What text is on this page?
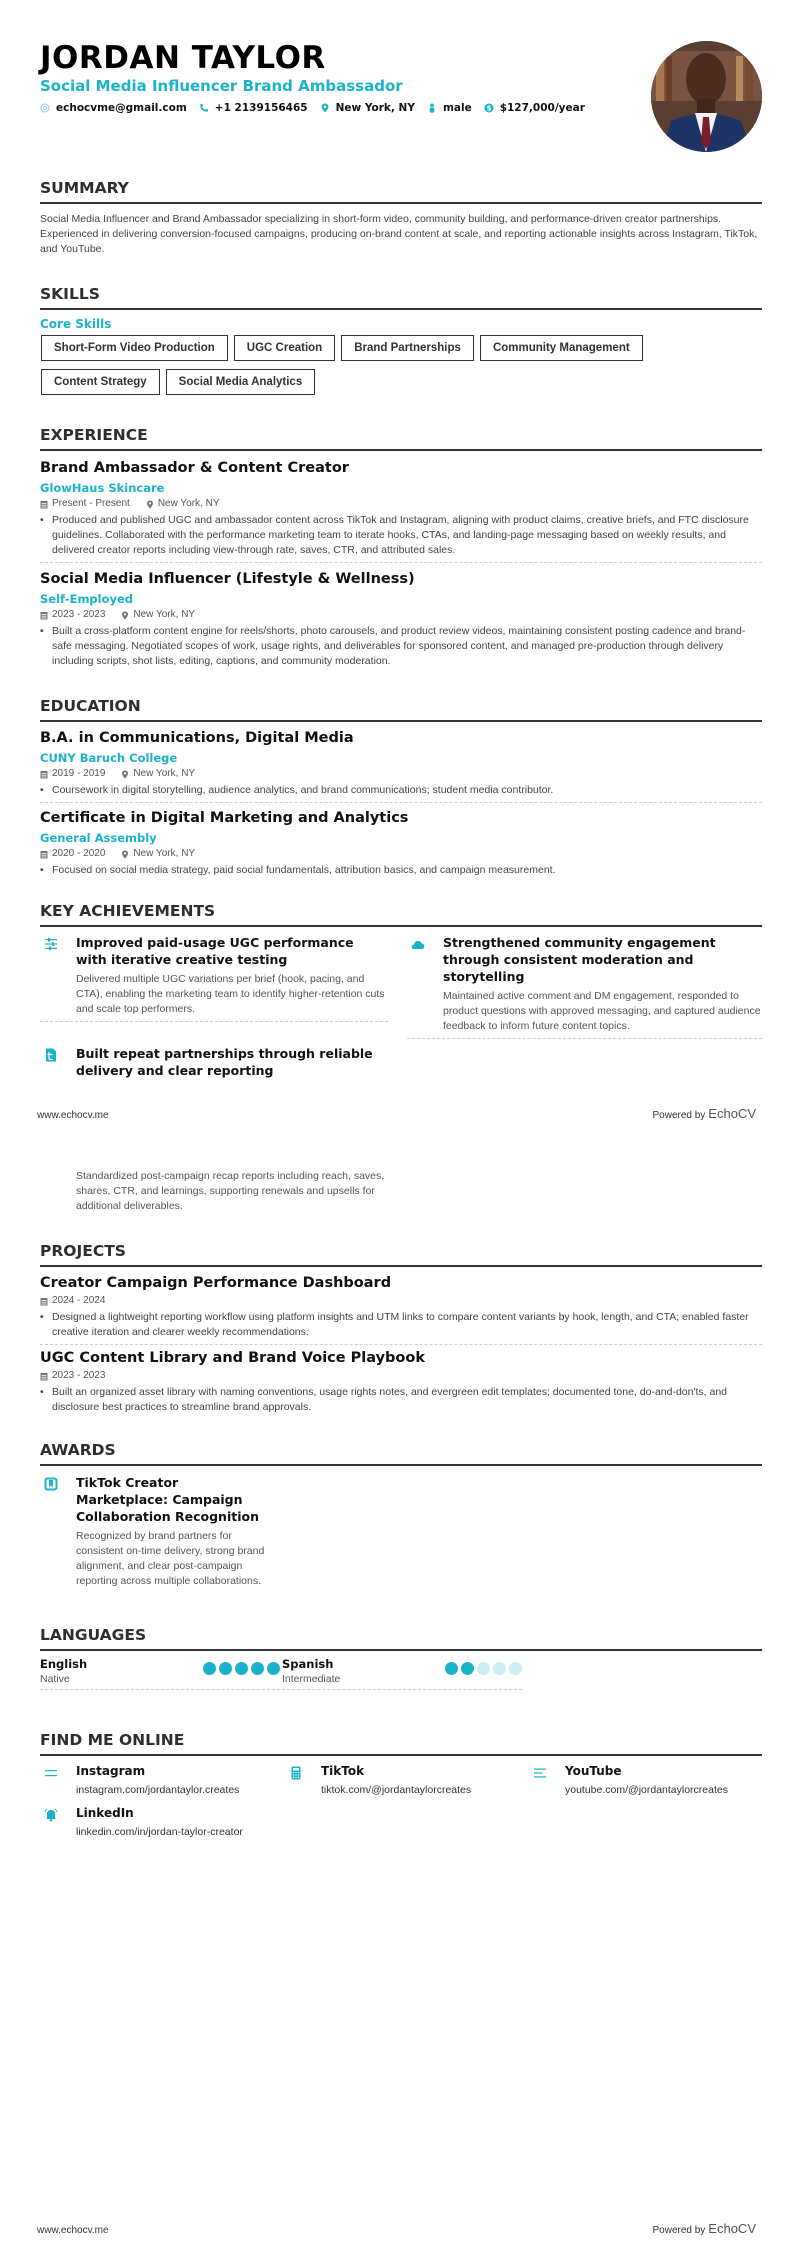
JORDAN TAYLOR
Social Media Influencer Brand Ambassador
echocvme@gmail.com	+1 2139156465	New York, NY	male $ $127,000/year
SUMMARY

Social Media Influencer and Brand Ambassador specializing in short-form video, community building, and performance-driven creator partnerships. Experienced in delivering conversion-focused campaigns, producing on-brand content at scale, and reporting actionable insights across Instagram, TikTok, and YouTube.

SKILLS
Core Skills
Short-Form Video Production	UGC Creation	Brand Partnerships	Community Management
Content Strategy	Social Media Analytics
EXPERIENCE
Brand Ambassador & Content Creator
GlowHaus Skincare
Present - Present	New York, NY
• Produced and published UGC and ambassador content across TikTok and Instagram, aligning with product claims, creative briefs, and FTC disclosure guidelines. Collaborated with the performance marketing team to iterate hooks, CTAs, and landing-page messaging based on weekly results, and delivered creator reports including view-through rate, saves, CTR, and attributed sales.
Social Media Influencer (Lifestyle & Wellness)
Self-Employed
2023 - 2023	New York, NY
• Built a cross-platform content engine for reels/shorts, photo carousels, and product review videos, maintaining consistent posting cadence and brand-safe messaging. Negotiated scopes of work, usage rights, and deliverables for sponsored content, and managed pre-production through delivery including scripts, shot lists, editing, captions, and community moderation.
EDUCATION
B.A. in Communications, Digital Media
CUNY Baruch College
2019 - 2019	New York, NY
• Coursework in digital storytelling, audience analytics, and brand communications; student media contributor.
Certificate in Digital Marketing and Analytics
General Assembly
2020 - 2020	New York, NY
• Focused on social media strategy, paid social fundamentals, attribution basics, and campaign measurement.
KEY ACHIEVEMENTS
Improved paid-usage UGC performance with iterative creative testing
Delivered multiple UGC variations per brief (hook, pacing, and CTA), enabling the marketing team to identify higher-retention cuts and scale top performers.
Strengthened community engagement through consistent moderation and storytelling
Maintained active comment and DM engagement, responded to product questions with approved messaging, and captured audience feedback to inform future content topics.
Built repeat partnerships through reliable delivery and clear reporting
www.echocv.me	Powered by EchoCV
Standardized post-campaign recap reports including reach, saves, shares, CTR, and learnings, supporting renewals and upsells for additional deliverables.
PROJECTS
Creator Campaign Performance Dashboard
2024 - 2024
• Designed a lightweight reporting workflow using platform insights and UTM links to compare content variants by hook, length, and CTA; enabled faster creative iteration and clearer weekly recommendations.
UGC Content Library and Brand Voice Playbook
2023 - 2023
• Built an organized asset library with naming conventions, usage rights notes, and evergreen edit templates; documented tone, do-and-don'ts, and disclosure best practices to streamline brand approvals.
AWARDS
TikTok Creator Marketplace: Campaign Collaboration Recognition
Recognized by brand partners for consistent on-time delivery, strong brand alignment, and clear post-campaign reporting across multiple collaborations.
LANGUAGES
English
Native
Spanish
Intermediate
FIND ME ONLINE
Instagram
instagram.com/jordantaylor.creates
TikTok
tiktok.com/@jordantaylorcreates
YouTube
youtube.com/@jordantaylorcreates
LinkedIn
linkedin.com/in/jordan-taylor-creator
www.echocv.me	Powered by EchoCV
